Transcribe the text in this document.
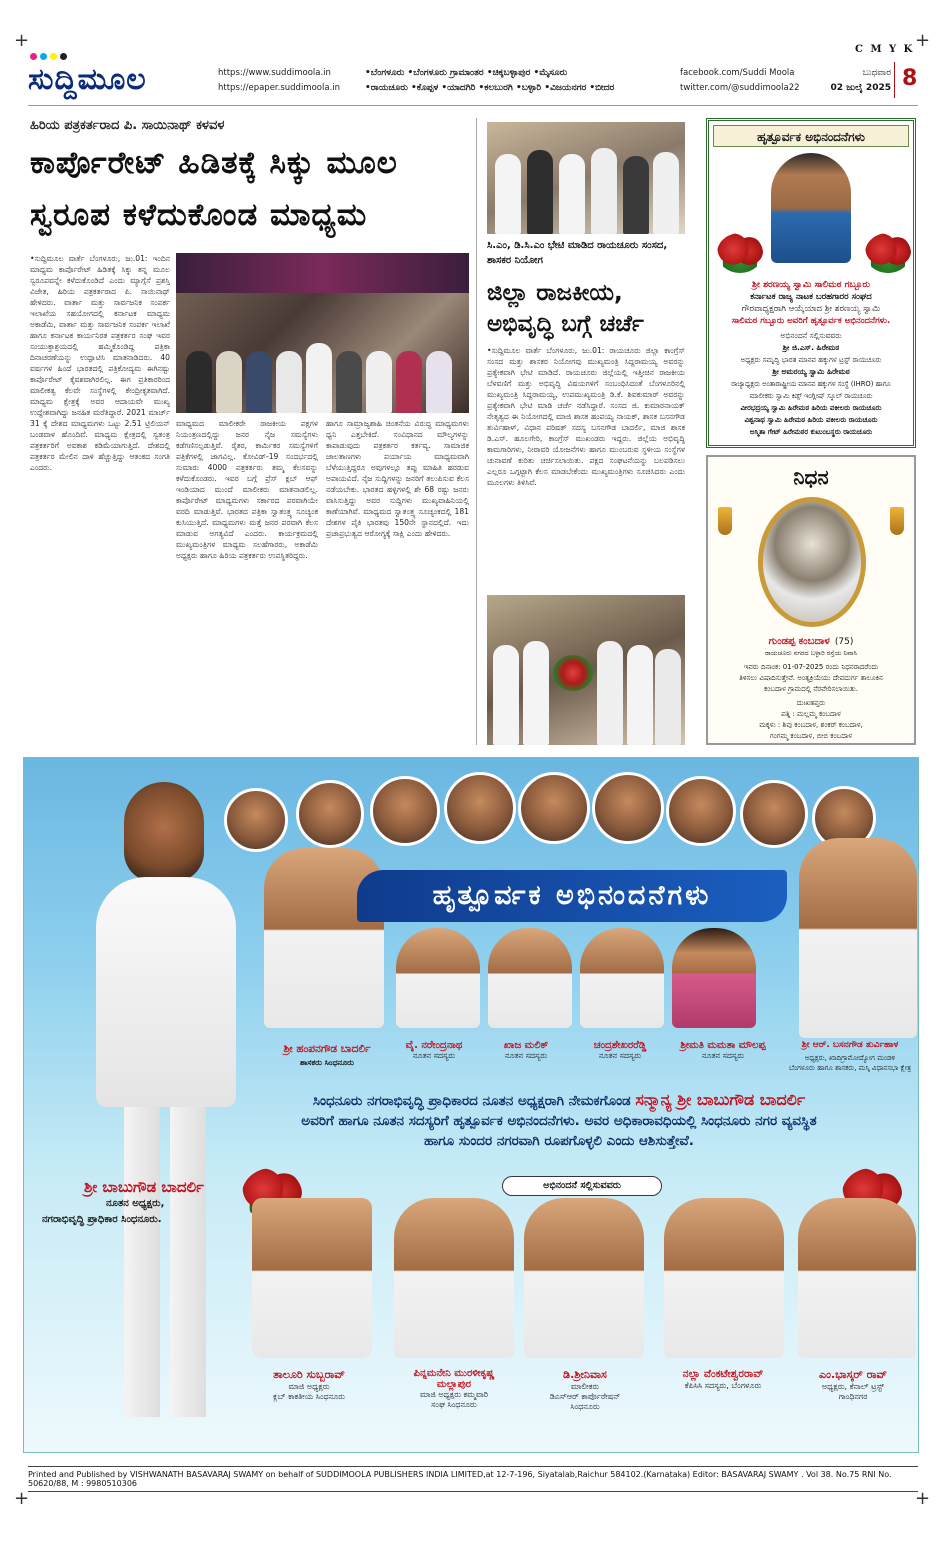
+	+
+	+
C M Y K
ಸುದ್ದಿಮೂಲ	https://www.suddimoola.in
https://epaper.suddimoola.in
•ಬೆಂಗಳೂರು •ಬೆಂಗಳೂರು ಗ್ರಾಮಾಂತರ •ಚಿಕ್ಕಬಳ್ಳಾಪುರ •ಮೈಸೂರು
•ರಾಯಚೂರು •ಕೊಪ್ಪಳ •ಯಾದಗಿರಿ •ಕಲಬುರಗಿ •ಬಳ್ಳಾರಿ •ವಿಜಯನಗರ •ಬೀದರ
facebook.com/Suddi Moola
twitter.com/@suddimoola22
ಬುಧವಾರ
02 ಜುಲೈ 2025 8
ಹಿರಿಯ ಪತ್ರಕರ್ತರಾದ ಪಿ. ಸಾಯಿನಾಥ್ ಕಳವಳ
ಕಾರ್ಪೊರೇಟ್ ಹಿಡಿತಕ್ಕೆ ಸಿಕ್ಕು ಮೂಲ
ಸ್ವರೂಪ ಕಳೆದುಕೊಂಡ ಮಾಧ್ಯಮ
•ಸುದ್ದಿಮೂಲ ವಾರ್ತೆ ಬೆಂಗಳೂರು, ಜು.01: ಇಂದಿನ ಮಾಧ್ಯಮ ಕಾರ್ಪೊರೇಟ್ ಹಿಡಿತಕ್ಕೆ ಸಿಕ್ಕು ತನ್ನ ಮೂಲ ಸ್ವರೂಪವನ್ನೇ ಕಳೆದುಕೊಂಡಿದೆ ಎಂದು ಮ್ಯಾಗ್ಸೆಸೆ ಪ್ರಶಸ್ತಿ ವಿಜೇತ, ಹಿರಿಯ ಪತ್ರಕರ್ತರಾದ ಪಿ. ಸಾಯಿನಾಥ್ ಹೇಳಿದರು. ವಾರ್ತಾ ಮತ್ತು ಸಾರ್ವಜನಿಕ ಸಂಪರ್ಕ ಇಲಾಖೆಯ ಸಹಯೋಗದಲ್ಲಿ ಕರ್ನಾಟಕ ಮಾಧ್ಯಮ ಅಕಾಡೆಮಿ, ವಾರ್ತಾ ಮತ್ತು ಸಾರ್ವಜನಿಕ ಸಂಪರ್ಕ ಇಲಾಖೆ ಹಾಗೂ ಕರ್ನಾಟಕ ಕಾರ್ಯನಿರತ ಪತ್ರಕರ್ತರ ಸಂಘ ಇವರ ಸಂಯುಕ್ತಾಶ್ರಯದಲ್ಲಿ ಹಮ್ಮಿಕೊಂಡಿದ್ದ ಪತ್ರಿಕಾ ದಿನಾಚರಣೆಯನ್ನು ಉದ್ಘಾಟಿಸಿ ಮಾತನಾಡಿದರು. 40 ವರ್ಷಗಳ ಹಿಂದೆ ಭಾರತದಲ್ಲಿ ಪತ್ರಿಕೋದ್ಯಮ ಈಗಿನಷ್ಟು ಕಾರ್ಪೊರೇಟ್ ಕೈವಶವಾಗಿರಲಿಲ್ಲ. ಈಗ ಪ್ರತಿಕಾರರಿಂದ ಮಾಲೀಕತ್ವ ಕೆಲವೇ ಸಂಸ್ಥೆಗಳಲ್ಲಿ ಕೇಂದ್ರೀಕೃತವಾಗಿದೆ. ಮಾಧ್ಯಮ ಕ್ಷೇತ್ರಕ್ಕೆ ಅವರ ಆದಾಯವೇ ಮುಖ್ಯ ಉದ್ದೇಶವಾಗಿದ್ದು ಜನಹಿತ ಮರೆತಿದ್ದಾರೆ. 2021 ಮಾರ್ಚ್ 31 ಕ್ಕೆ ದೇಶದ ಮಾಧ್ಯಮಗಳು ಒಟ್ಟು 2.51 ಟ್ರಿಲಿಯನ್ ಬಂಡವಾಳ ಹೊಂದಿವೆ. ಮಾಧ್ಯಮ ಕ್ಷೇತ್ರದಲ್ಲಿ ಸ್ವತಂತ್ರ ಪತ್ರಕರ್ತರಿಗೆ ಅವಕಾಶ ಕಡಿಮೆಯಾಗುತ್ತಿದೆ. ದೇಶದಲ್ಲಿ ಪತ್ರಕರ್ತರ ಮೇಲಿನ ದಾಳಿ ಹೆಚ್ಚುತ್ತಿದ್ದು ಆತಂಕದ ಸಂಗತಿ ಎಂದರು.
ಮಾಧ್ಯಮದ ಮಾಲೀಕರೇ ರಾಜಕೀಯ ಪಕ್ಷಗಳ ನಿಯಂತ್ರಣದಲ್ಲಿದ್ದು ಜನರ ನೈಜ ಸಮಸ್ಯೆಗಳು ಕಡೆಗಣಿಸಲ್ಪಡುತ್ತಿವೆ. ರೈತರ, ಕಾರ್ಮಿಕರ ಸಮಸ್ಯೆಗಳಿಗೆ ಪತ್ರಿಕೆಗಳಲ್ಲಿ ಜಾಗವಿಲ್ಲ. ಕೋವಿಡ್-19 ಸಂದರ್ಭದಲ್ಲಿ ಸುಮಾರು 4000 ಪತ್ರಕರ್ತರು ತಮ್ಮ ಕೆಲಸವನ್ನು ಕಳೆದುಕೊಂಡರು. ಇವರ ಬಗ್ಗೆ ಪ್ರೆಸ್ ಕ್ಲಬ್ ಆಫ್ ಇಂಡಿಯಾದ ಮುಂದೆ ಮಾಲೀಕರು ಮಾತನಾಡಲಿಲ್ಲ. ಕಾರ್ಪೊರೇಟ್ ಮಾಧ್ಯಮಗಳು ಸರ್ಕಾರದ ಪರವಾಗಿಯೇ ವರದಿ ಮಾಡುತ್ತಿವೆ. ಭಾರತದ ಪತ್ರಿಕಾ ಸ್ವಾತಂತ್ರ್ಯ ಸೂಚ್ಯಂಕ ಕುಸಿಯುತ್ತಿದೆ. ಮಾಧ್ಯಮಗಳು ಮತ್ತೆ ಜನರ ಪರವಾಗಿ ಕೆಲಸ ಮಾಡುವ ಅಗತ್ಯವಿದೆ ಎಂದರು. ಕಾರ್ಯಕ್ರಮದಲ್ಲಿ ಮುಖ್ಯಮಂತ್ರಿಗಳ ಮಾಧ್ಯಮ ಸಲಹೆಗಾರರು, ಅಕಾಡೆಮಿ ಅಧ್ಯಕ್ಷರು ಹಾಗೂ ಹಿರಿಯ ಪತ್ರಕರ್ತರು ಉಪಸ್ಥಿತರಿದ್ದರು.
ಹಾಗೂ ಸಾಮ್ರಾಜ್ಯಶಾಹಿ ಚಿಂತನೆಯ ವಿರುದ್ಧ ಮಾಧ್ಯಮಗಳು ಧ್ವನಿ ಎತ್ತಬೇಕಿದೆ. ಸಂವಿಧಾನದ ಮೌಲ್ಯಗಳನ್ನು ಕಾಪಾಡುವುದು ಪತ್ರಕರ್ತರ ಕರ್ತವ್ಯ. ಸಾಮಾಜಿಕ ಜಾಲತಾಣಗಳು ಪರ್ಯಾಯ ಮಾಧ್ಯಮವಾಗಿ ಬೆಳೆಯುತ್ತಿದ್ದರೂ ಅವುಗಳಲ್ಲೂ ತಪ್ಪು ಮಾಹಿತಿ ಹರಡುವ ಅಪಾಯವಿದೆ. ನೈಜ ಸುದ್ದಿಗಳನ್ನು ಜನರಿಗೆ ತಲುಪಿಸುವ ಕೆಲಸ ನಡೆಯಬೇಕು. ಭಾರತದ ಹಳ್ಳಿಗಳಲ್ಲಿ ಶೇ 68 ರಷ್ಟು ಜನರು ವಾಸಿಸುತ್ತಿದ್ದು ಅವರ ಸುದ್ದಿಗಳು ಮುಖ್ಯವಾಹಿನಿಯಲ್ಲಿ ಕಾಣೆಯಾಗಿವೆ. ಮಾಧ್ಯಮದ ಸ್ವಾತಂತ್ರ್ಯ ಸೂಚ್ಯಂಕದಲ್ಲಿ 181 ದೇಶಗಳ ಪೈಕಿ ಭಾರತವು 150ನೇ ಸ್ಥಾನದಲ್ಲಿದೆ. ಇದು ಪ್ರಜಾಪ್ರಭುತ್ವದ ಆರೋಗ್ಯಕ್ಕೆ ಸಾಕ್ಷಿ ಎಂದು ಹೇಳಿದರು.
ಸಿ.ಎಂ, ಡಿ.ಸಿ.ಎಂ ಭೇಟಿ ಮಾಡಿದ ರಾಯಚೂರು ಸಂಸದ, ಶಾಸಕರ ನಿಯೋಗ
ಜಿಲ್ಲಾ ರಾಜಕೀಯ,
ಅಭಿವೃದ್ಧಿ ಬಗ್ಗೆ ಚರ್ಚೆ
•ಸುದ್ದಿಮೂಲ ವಾರ್ತೆ ಬೆಂಗಳೂರು, ಜು.01: ರಾಯಚೂರು ಜಿಲ್ಲಾ ಕಾಂಗ್ರೆಸ್ ಸಂಸದ ಮತ್ತು ಶಾಸಕರ ನಿಯೋಗವು ಮುಖ್ಯಮಂತ್ರಿ ಸಿದ್ದರಾಮಯ್ಯ ಅವರನ್ನು ಪ್ರತ್ಯೇಕವಾಗಿ ಭೇಟಿ ಮಾಡಿದೆ. ರಾಯಚೂರು ಜಿಲ್ಲೆಯಲ್ಲಿ ಇತ್ತೀಚಿನ ರಾಜಕೀಯ ಬೆಳವಣಿಗೆ ಮತ್ತು ಅಭಿವೃದ್ಧಿ ವಿಷಯಗಳಿಗೆ ಸಂಬಂಧಿಸಿದಂತೆ ಬೆಂಗಳೂರಿನಲ್ಲಿ ಮುಖ್ಯಮಂತ್ರಿ ಸಿದ್ದರಾಮಯ್ಯ, ಉಪಮುಖ್ಯಮಂತ್ರಿ ಡಿ.ಕೆ. ಶಿವಕುಮಾರ್ ಅವರನ್ನು ಪ್ರತ್ಯೇಕವಾಗಿ ಭೇಟಿ ಮಾಡಿ ಚರ್ಚೆ ನಡೆಸಿದ್ದಾರೆ. ಸಂಸದ ಜಿ. ಕುಮಾರನಾಯಕ್ ನೇತೃತ್ವದ ಈ ನಿಯೋಗದಲ್ಲಿ ಮಾಜಿ ಶಾಸಕ ಹಂಪಯ್ಯ ನಾಯಕ್, ಶಾಸಕ ಬಸನಗೌಡ ತುರ್ವಿಹಾಳ್, ವಿಧಾನ ಪರಿಷತ್ ಸದಸ್ಯ ಬಸನಗೌಡ ಬಾದರ್ಲಿ, ಮಾಜಿ ಶಾಸಕ ಡಿ.ಎಸ್. ಹೂಲಗೇರಿ, ಕಾಂಗ್ರೆಸ್ ಮುಖಂಡರು ಇದ್ದರು. ಜಿಲ್ಲೆಯ ಅಭಿವೃದ್ಧಿ ಕಾಮಗಾರಿಗಳು, ನೀರಾವರಿ ಯೋಜನೆಗಳು ಹಾಗೂ ಮುಂಬರುವ ಸ್ಥಳೀಯ ಸಂಸ್ಥೆಗಳ ಚುನಾವಣೆ ಕುರಿತು ಚರ್ಚಿಸಲಾಯಿತು. ಪಕ್ಷದ ಸಂಘಟನೆಯನ್ನು ಬಲಪಡಿಸಲು ಎಲ್ಲರೂ ಒಗ್ಗಟ್ಟಾಗಿ ಕೆಲಸ ಮಾಡಬೇಕೆಂದು ಮುಖ್ಯಮಂತ್ರಿಗಳು ಸೂಚಿಸಿದರು ಎಂದು ಮೂಲಗಳು ತಿಳಿಸಿವೆ.
ಹೃತ್ಪೂರ್ವಕ ಅಭಿನಂದನೆಗಳು
ಶ್ರೀ ಶರಣಯ್ಯ ಸ್ವಾಮಿ ಸಾಲಿಮಠ ಗಬ್ಬೂರು
ಕರ್ನಾಟಕ ರಾಜ್ಯ ನಾಟಕ ಬರಹಗಾರರ ಸಂಘದ
ಗೌರವಾಧ್ಯಕ್ಷರಾಗಿ ಆಯ್ಕೆಯಾದ ಶ್ರೀ ಶರಣಯ್ಯ ಸ್ವಾಮಿ
ಸಾಲಿಮಠ ಗಬ್ಬೂರು ಅವರಿಗೆ ಹೃತ್ಪೂರ್ವಕ ಅಭಿನಂದನೆಗಳು.
ಅಭಿನಂದನೆ ಸಲ್ಲಿಸುವವರು
ಶ್ರೀ ಜಿ.ಎಸ್. ಹಿರೇಮಠ
ಅಧ್ಯಕ್ಷರು ಸಮೃದ್ಧಿ ಭಾರತ ಮಾನವ ಹಕ್ಕುಗಳ ಟ್ರಸ್ಟ್ ರಾಯಚೂರು
ಶ್ರೀ ಅಮರಯ್ಯ ಸ್ವಾಮಿ ಹಿರೇಮಠ
ರಾಜ್ಯಾಧ್ಯಕ್ಷರು ಅಂತಾರಾಷ್ಟ್ರೀಯ ಮಾನವ ಹಕ್ಕುಗಳ ಸಂಸ್ಥೆ (IHRO) ಹಾಗೂ
ಮಾಲೀಕರು ಸ್ವಾಮಿ ಕಿಡ್ಸ್ ಇಂಗ್ಲೀಷ್ ಸ್ಕೂಲ್ ರಾಯಚೂರು
ವೀರಭದ್ರಯ್ಯ ಸ್ವಾಮಿ ಹಿರೇಮಠ ಹಿರಿಯ ವಕೀಲರು ರಾಯಚೂರು
ವಿಶ್ವನಾಥ ಸ್ವಾಮಿ ಹಿರೇಮಠ ಹಿರಿಯ ವಕೀಲರು ರಾಯಚೂರು
ಅಸ್ಮಿತಾ ಗೇಟ್ ಹಿರೇಮಠರ ಕುಟುಂಬಸ್ಥರು ರಾಯಚೂರು
ನಿಧನ
ಗುಂಡಪ್ಪ ಕಂಬದಾಳ (75)
ರಾಯಚೂರು ನಗರದ ಬಳ್ಳಾರಿ ರಸ್ತೆಯ ನಿವಾಸಿ
ಇವರು ದಿನಾಂಕ: 01-07-2025 ರಂದು ನಿಧನರಾದರೆಂದು
ತಿಳಿಸಲು ವಿಷಾದಿಸುತ್ತೇವೆ. ಅಂತ್ಯಕ್ರಿಯೆಯು ದೇವದುರ್ಗ ತಾಲೂಕಿನ
ಕಂಬದಾಳ ಗ್ರಾಮದಲ್ಲಿ ನೆರವೇರಿಸಲಾಯಿತು.
ದುಃಖತಪ್ತರು
ಪತ್ನಿ : ಮಲ್ಲಮ್ಮ ಕಂಬದಾಳ
ಮಕ್ಕಳು : ಶಿವು ಕಂಬದಾಳ, ಶಂಕರ್ ಕಂಬದಾಳ,
ಗಂಗಮ್ಮ ಕಂಬದಾಳ, ಬೀಬಿ ಕಂಬದಾಳ
ಶ್ರೀ ಹಂಪನಗೌಡ ಬಾದರ್ಲಿ
ಶಾಸಕರು ಸಿಂಧನೂರು
ಶ್ರೀ ಆರ್. ಬಸನಗೌಡ ತುರ್ವಿಹಾಳ
ಅಧ್ಯಕ್ಷರು, ಖಾದಿಗ್ರಾಮೋದ್ಯೋಗ ಮಂಡಳಿ
ಬೆಂಗಳೂರು ಹಾಗೂ ಶಾಸಕರು, ಮಸ್ಕಿ ವಿಧಾನಸಭಾ ಕ್ಷೇತ್ರ
ವೈ. ನರೇಂದ್ರನಾಥ
ನೂತನ ಸದಸ್ಯರು
ಖಾಜ ಮಲಿಕ್
ನೂತನ ಸದಸ್ಯರು
ಚಂದ್ರಶೇಖರರೆಡ್ಡಿ
ನೂತನ ಸದಸ್ಯರು
ಶ್ರೀಮತಿ ಮಮತಾ ಮೌಲಪ್ಪ
ನೂತನ ಸದಸ್ಯರು
ಸಿಂಧನೂರು ನಗರಾಭಿವೃದ್ಧಿ ಪ್ರಾಧಿಕಾರದ ನೂತನ ಅಧ್ಯಕ್ಷರಾಗಿ ನೇಮಕಗೊಂಡ ಸನ್ಮಾನ್ಯ ಶ್ರೀ ಬಾಬುಗೌಡ ಬಾದರ್ಲಿ
ಅವರಿಗೆ ಹಾಗೂ ನೂತನ ಸದಸ್ಯರಿಗೆ ಹೃತ್ಪೂರ್ವಕ ಅಭಿನಂದನೆಗಳು. ಅವರ ಅಧಿಕಾರಾವಧಿಯಲ್ಲಿ ಸಿಂಧನೂರು ನಗರ ವ್ಯವಸ್ಥಿತ
ಹಾಗೂ ಸುಂದರ ನಗರವಾಗಿ ರೂಪಗೊಳ್ಳಲಿ ಎಂದು ಆಶಿಸುತ್ತೇವೆ.
ಶ್ರೀ ಬಾಬುಗೌಡ ಬಾದರ್ಲಿ
ನೂತನ ಅಧ್ಯಕ್ಷರು,
ನಗರಾಭಿವೃದ್ಧಿ ಪ್ರಾಧಿಕಾರ ಸಿಂಧನೂರು.
ಅಭಿನಂದನೆ ಸಲ್ಲಿಸುವವರು
ತಾಲೂರಿ ಸುಬ್ಬರಾವ್
ಮಾಜಿ ಅಧ್ಯಕ್ಷರು
ಕ್ಲಬ್ ಕಾಕತೀಯ ಸಿಂಧನೂರು
ಪಿನ್ನಮನೇನಿ ಮುರಳೀಕೃಷ್ಣ
ಮಲ್ಲಾಪುರ
ಮಾಜಿ ಅಧ್ಯಕ್ಷರು ಕಮ್ಮವಾರಿ
ಸಂಘ ಸಿಂಧನೂರು
ಡಿ.ಶ್ರೀನಿವಾಸ
ಮಾಲೀಕರು
ಡಿಎಸ್‌ಆರ್ ಕಾರ್ಪೊರೇಷನ್
ಸಿಂಧನೂರು
ನಲ್ಲಾ ವೆಂಕಟೇಶ್ವರರಾವ್
ಕೆಪಿಸಿಸಿ ಸದಸ್ಯರು, ಬೆಂಗಳೂರು
ಎಂ.ಭಾಸ್ಕರ್ ರಾವ್
ಅಧ್ಯಕ್ಷರು, ಕೆನಾಲ್ ಟ್ರಸ್ಟ್
ಗಾಂಧಿನಗರ
ಹೃತ್ಪೂರ್ವಕ ಅಭಿನಂದನೆಗಳು
Printed and Published by VISHWANATH BASAVARAJ SWAMY on behalf of SUDDIMOOLA PUBLISHERS INDIA LIMITED,at 12-7-196, Siyatalab,Raichur 584102.(Karnataka) Editor: BASAVARAJ SWAMY . Vol 38. No.75 RNI No. 50620/88, M : 9980510306
